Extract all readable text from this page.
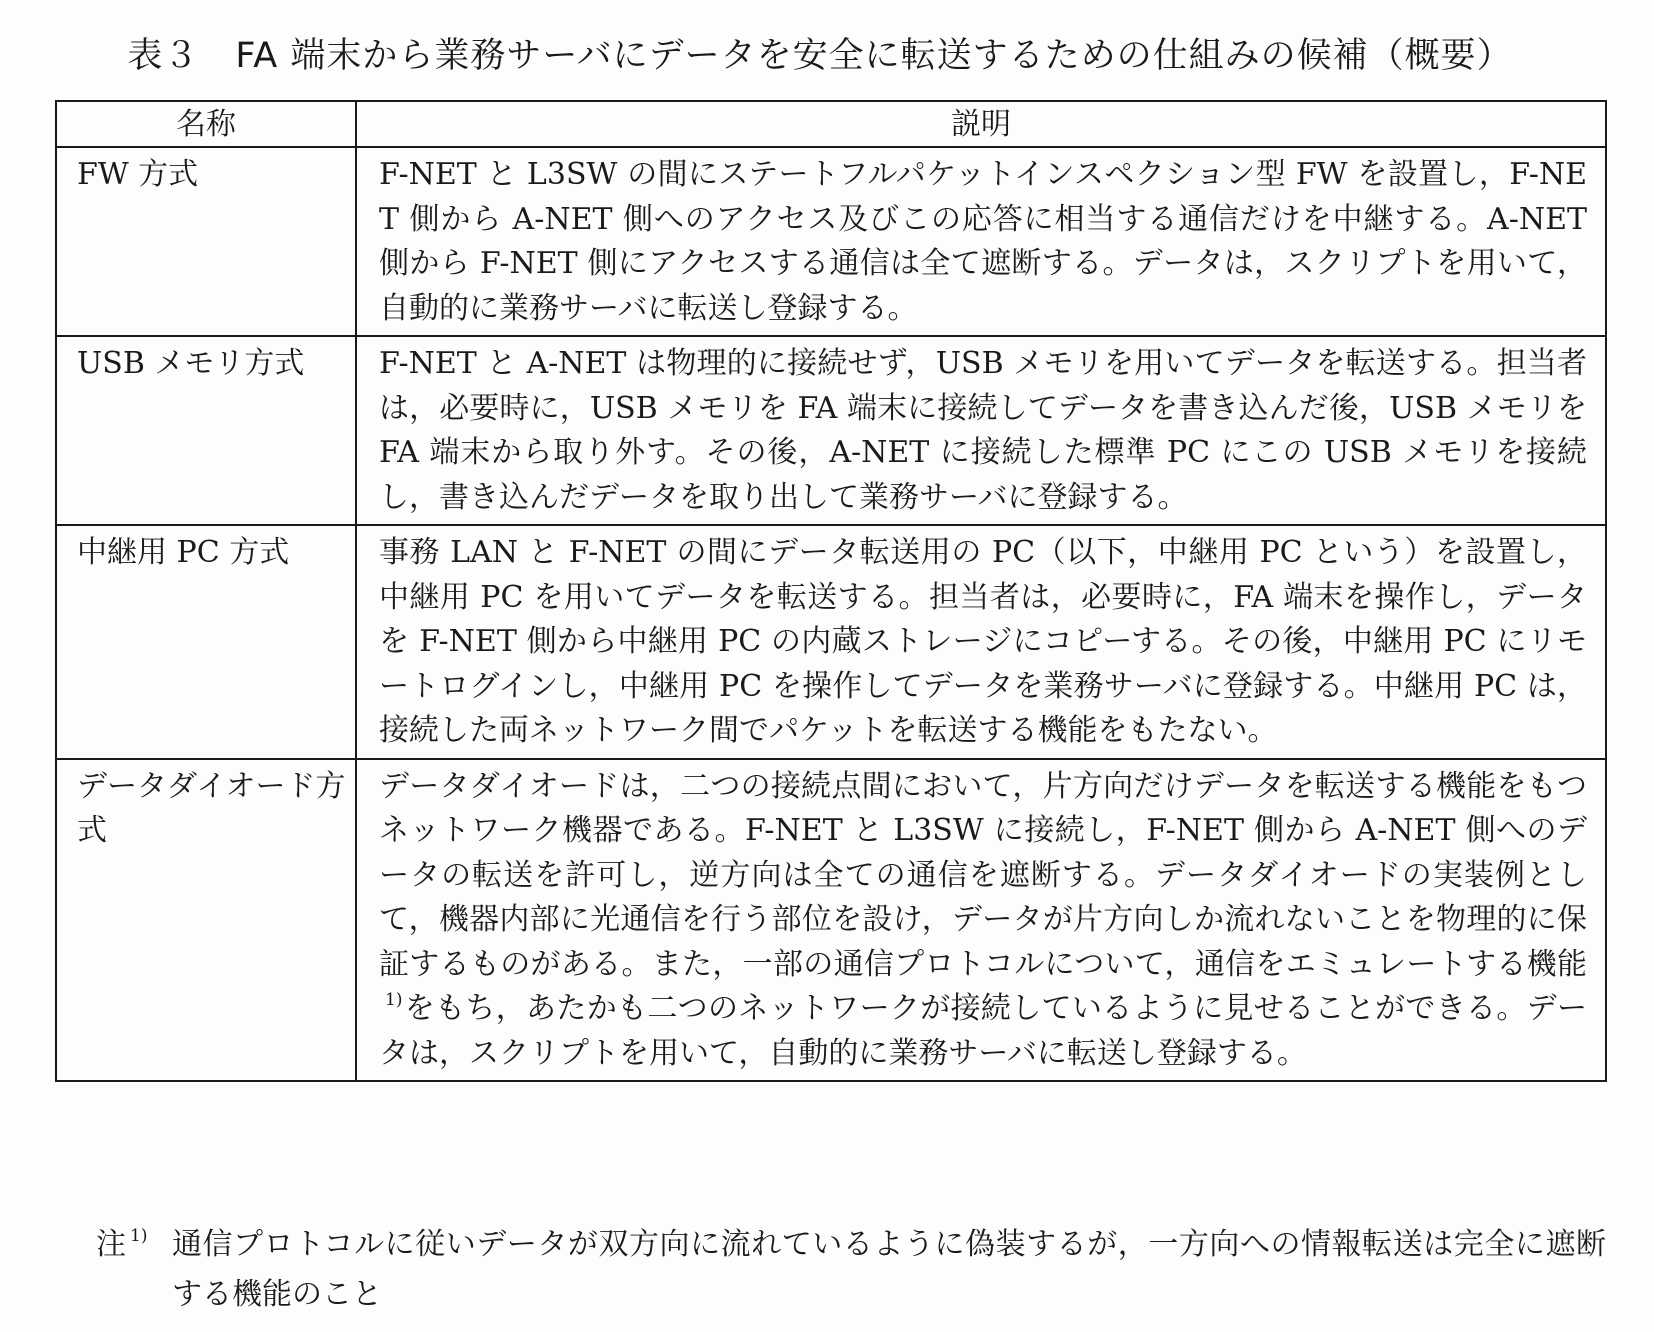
表３　FA 端末から業務サーバにデータを安全に転送するための仕組みの候補（概要）
名称	説明
FW 方式	F-NET と L3SW の間にステートフルパケットインスペクション型 FW を設置し，F-NET 側から A-NET 側へのアクセス及びこの応答に相当する通信だけを中継する。A-NET 側から F-NET 側にアクセスする通信は全て遮断する。データは，スクリプトを用いて，自動的に業務サーバに転送し登録する。
USB メモリ方式	F-NET と A-NET は物理的に接続せず，USB メモリを用いてデータを転送する。担当者は，必要時に，USB メモリを FA 端末に接続してデータを書き込んだ後，USB メモリを FA 端末から取り外す。その後，A-NET に接続した標準 PC にこの USB メモリを接続し，書き込んだデータを取り出して業務サーバに登録する。
中継用 PC 方式	事務 LAN と F-NET の間にデータ転送用の PC（以下，中継用 PC という）を設置し，中継用 PC を用いてデータを転送する。担当者は，必要時に，FA 端末を操作し，データを F-NET 側から中継用 PC の内蔵ストレージにコピーする。その後，中継用 PC にリモートログインし，中継用 PC を操作してデータを業務サーバに登録する。中継用 PC は，接続した両ネットワーク間でパケットを転送する機能をもたない。
データダイオード方式	データダイオードは，二つの接続点間において，片方向だけデータを転送する機能をもつネットワーク機器である。F-NET と L3SW に接続し，F-NET 側から A-NET 側へのデータの転送を許可し，逆方向は全ての通信を遮断する。データダイオードの実装例として，機器内部に光通信を行う部位を設け，データが片方向しか流れないことを物理的に保証するものがある。また，一部の通信プロトコルについて，通信をエミュレートする機能$^{1)}$をもち，あたかも二つのネットワークが接続しているように見せることができる。データは，スクリプトを用いて，自動的に業務サーバに転送し登録する。
注 $^{1)}$ 通信プロトコルに従いデータが双方向に流れているように偽装するが，一方向への情報転送は完全に遮断する機能のこと
